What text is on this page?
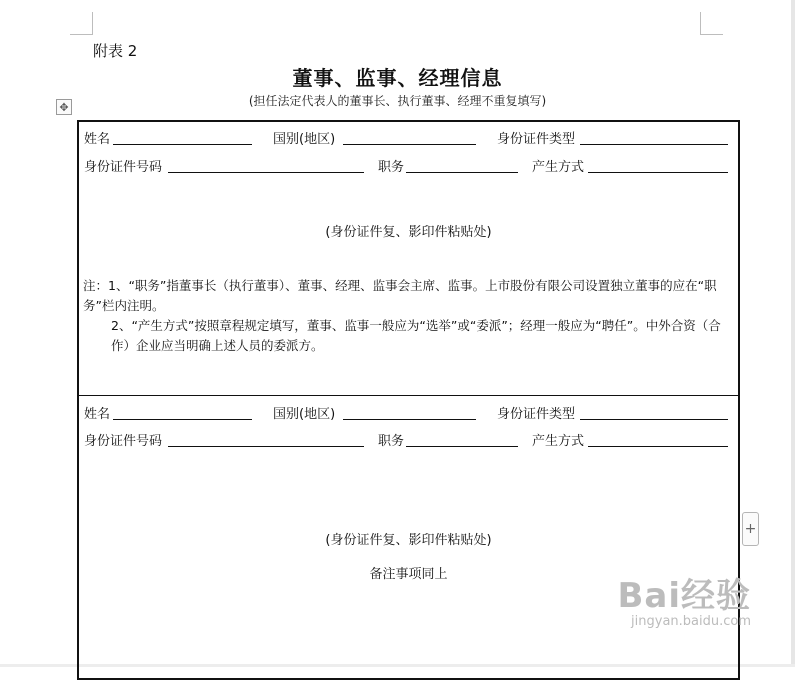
附表 2
董事、监事、经理信息
(担任法定代表人的董事长、执行董事、经理不重复填写)
✥
姓名	国别(地区)	身份证件类型
身份证件号码	职务	产生方式
(身份证件复、影印件粘贴处)

注：1、“职务”指董事长（执行董事）、董事、经理、监事会主席、监事。上市股份有限公司设置独立董事的应在“职务”栏内注明。

2、“产生方式”按照章程规定填写，董事、监事一般应为“选举”或“委派”；经理一般应为“聘任”。中外合资（合作）企业应当明确上述人员的委派方。

姓名	国别(地区)	身份证件类型
身份证件号码	职务	产生方式
(身份证件复、影印件粘贴处)
备注事项同上
+
Bai经验
jingyan.baidu.com
